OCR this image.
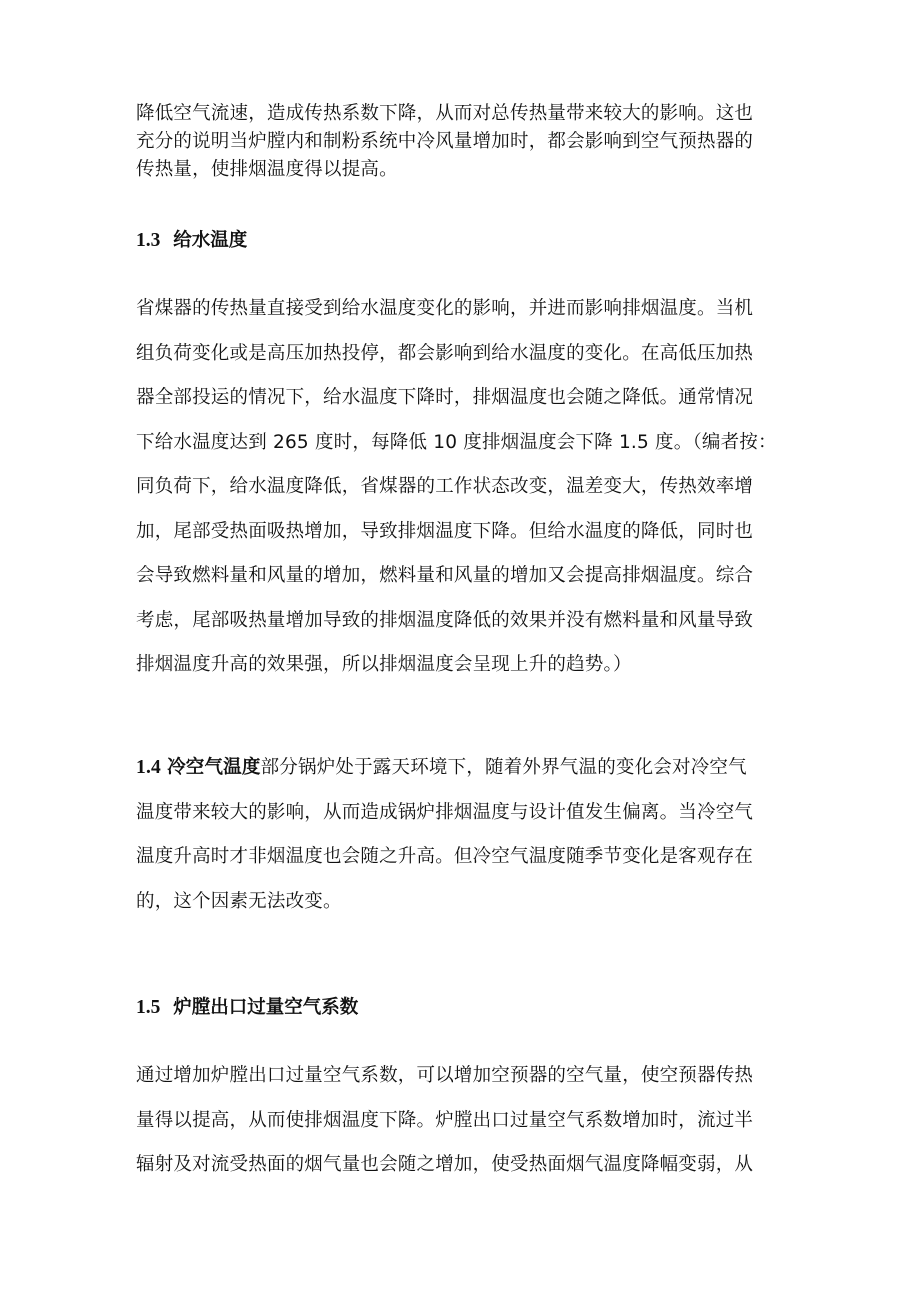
降低空气流速，造成传热系数下降，从而对总传热量带来较大的影响。这也
充分的说明当炉膛内和制粉系统中冷风量增加时，都会影响到空气预热器的
传热量，使排烟温度得以提高。

1.3 给水温度

省煤器的传热量直接受到给水温度变化的影响，并进而影响排烟温度。当机
组负荷变化或是高压加热投停，都会影响到给水温度的变化。在高低压加热
器全部投运的情况下，给水温度下降时，排烟温度也会随之降低。通常情况
下给水温度达到 265 度时，每降低 10 度排烟温度会下降 1.5 度。（编者按：
同负荷下，给水温度降低，省煤器的工作状态改变，温差变大，传热效率增
加，尾部受热面吸热增加，导致排烟温度下降。但给水温度的降低，同时也
会导致燃料量和风量的增加，燃料量和风量的增加又会提高排烟温度。综合
考虑，尾部吸热量增加导致的排烟温度降低的效果并没有燃料量和风量导致
排烟温度升高的效果强，所以排烟温度会呈现上升的趋势。）

1.4 冷空气温度部分锅炉处于露天环境下，随着外界气温的变化会对冷空气
温度带来较大的影响，从而造成锅炉排烟温度与设计值发生偏离。当冷空气
温度升高时才非烟温度也会随之升高。但冷空气温度随季节变化是客观存在
的，这个因素无法改变。

1.5 炉膛出口过量空气系数

通过增加炉膛出口过量空气系数，可以增加空预器的空气量，使空预器传热
量得以提高，从而使排烟温度下降。炉膛出口过量空气系数增加时，流过半
辐射及对流受热面的烟气量也会随之增加，使受热面烟气温度降幅变弱，从
